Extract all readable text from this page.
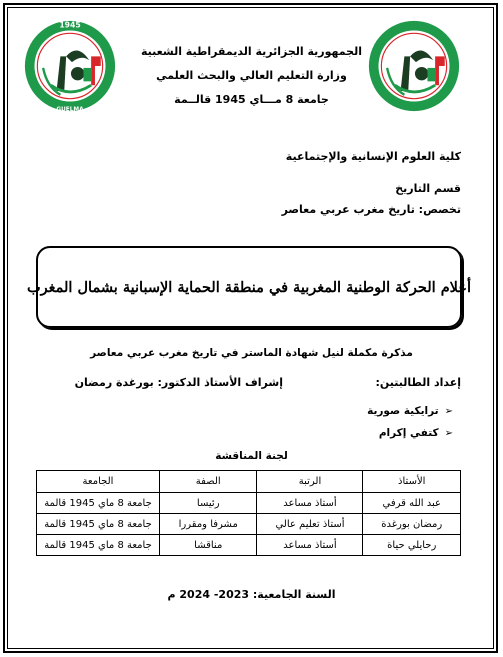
1945
GUELMA
الجمهورية الجزائرية الديمقراطية الشعبية
وزارة التعليم العالي والبحث العلمي
جامعة 8 مـــاي 1945 قالــمة
كلية العلوم الإنسانية والإجتماعية
قسم التاريخ
تخصص: تاريخ مغرب عربي معاصر
أعلام الحركة الوطنية المغربية في منطقة الحماية الإسبانية بشمال المغرب
مذكرة مكملة لنيل شهادة الماستر في تاريخ مغرب عربي معاصر
إعداد الطالبتين:
إشراف الأستاذ الدكتور: بورغدة رمضان
➢
ترايكية صورية
➢
كتفي إكرام
لجنة المناقشة
الأستاذ	الرتبة	الصفة	الجامعة
عبد الله قرفي	أستاذ مساعد	رئيسا	جامعة 8 ماي 1945 قالمة
رمضان بورغدة	أستاذ تعليم عالي	مشرفا ومقررا	جامعة 8 ماي 1945 قالمة
رحايلي حياة	أستاذ مساعد	مناقشا	جامعة 8 ماي 1945 قالمة
السنة الجامعية: 2023- 2024 م
